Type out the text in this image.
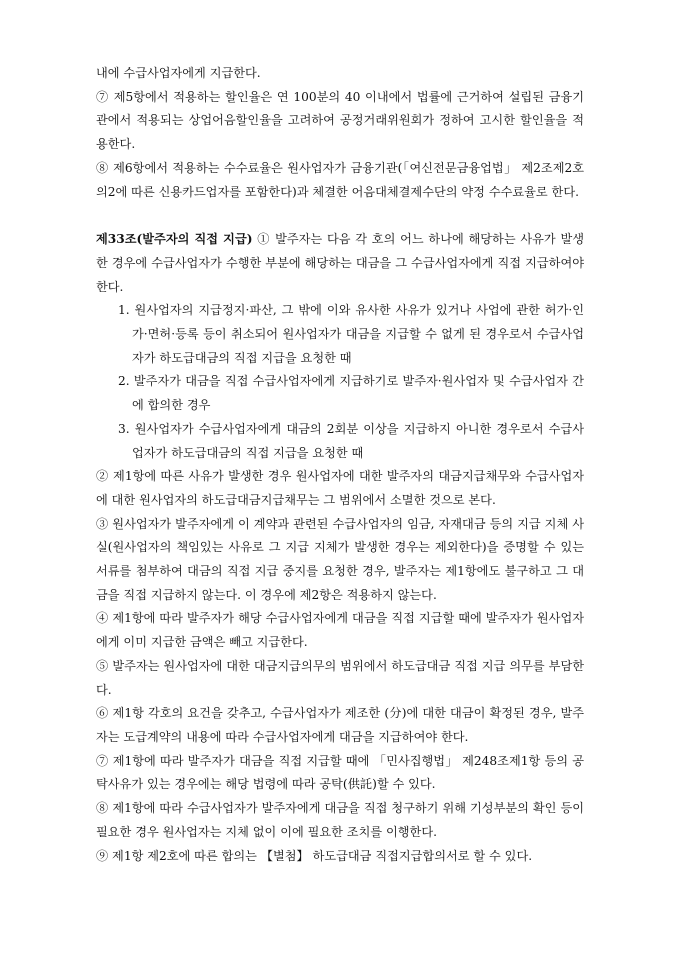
내에 수급사업자에게 지급한다.

⑦ 제5항에서 적용하는 할인율은 연 100분의 40 이내에서 법률에 근거하여 설립된 금융기관에서 적용되는 상업어음할인율을 고려하여 공정거래위원회가 정하여 고시한 할인율을 적용한다.

⑧ 제6항에서 적용하는 수수료율은 원사업자가 금융기관(「여신전문금융업법」 제2조제2호의2에 따른 신용카드업자를 포함한다)과 체결한 어음대체결제수단의 약정 수수료율로 한다.

제33조(발주자의 직접 지급) ① 발주자는 다음 각 호의 어느 하나에 해당하는 사유가 발생한 경우에 수급사업자가 수행한 부분에 해당하는 대금을 그 수급사업자에게 직접 지급하여야 한다.

1. 원사업자의 지급정지·파산, 그 밖에 이와 유사한 사유가 있거나 사업에 관한 허가·인가·면허·등록 등이 취소되어 원사업자가 대금을 지급할 수 없게 된 경우로서 수급사업자가 하도급대금의 직접 지급을 요청한 때

2. 발주자가 대금을 직접 수급사업자에게 지급하기로 발주자·원사업자 및 수급사업자 간에 합의한 경우

3. 원사업자가 수급사업자에게 대금의 2회분 이상을 지급하지 아니한 경우로서 수급사업자가 하도급대금의 직접 지급을 요청한 때

② 제1항에 따른 사유가 발생한 경우 원사업자에 대한 발주자의 대금지급채무와 수급사업자에 대한 원사업자의 하도급대금지급채무는 그 범위에서 소멸한 것으로 본다.

③ 원사업자가 발주자에게 이 계약과 관련된 수급사업자의 임금, 자재대금 등의 지급 지체 사실(원사업자의 책임있는 사유로 그 지급 지체가 발생한 경우는 제외한다)을 증명할 수 있는 서류를 첨부하여 대금의 직접 지급 중지를 요청한 경우, 발주자는 제1항에도 불구하고 그 대금을 직접 지급하지 않는다. 이 경우에 제2항은 적용하지 않는다.

④ 제1항에 따라 발주자가 해당 수급사업자에게 대금을 직접 지급할 때에 발주자가 원사업자에게 이미 지급한 금액은 빼고 지급한다.

⑤ 발주자는 원사업자에 대한 대금지급의무의 범위에서 하도급대금 직접 지급 의무를 부담한다.

⑥ 제1항 각호의 요건을 갖추고, 수급사업자가 제조한 (分)에 대한 대금이 확정된 경우, 발주자는 도급계약의 내용에 따라 수급사업자에게 대금을 지급하여야 한다.

⑦ 제1항에 따라 발주자가 대금을 직접 지급할 때에 「민사집행법」 제248조제1항 등의 공탁사유가 있는 경우에는 해당 법령에 따라 공탁(供託)할 수 있다.

⑧ 제1항에 따라 수급사업자가 발주자에게 대금을 직접 청구하기 위해 기성부분의 확인 등이 필요한 경우 원사업자는 지체 없이 이에 필요한 조치를 이행한다.

⑨ 제1항 제2호에 따른 합의는 【별첨】 하도급대금 직접지급합의서로 할 수 있다.
